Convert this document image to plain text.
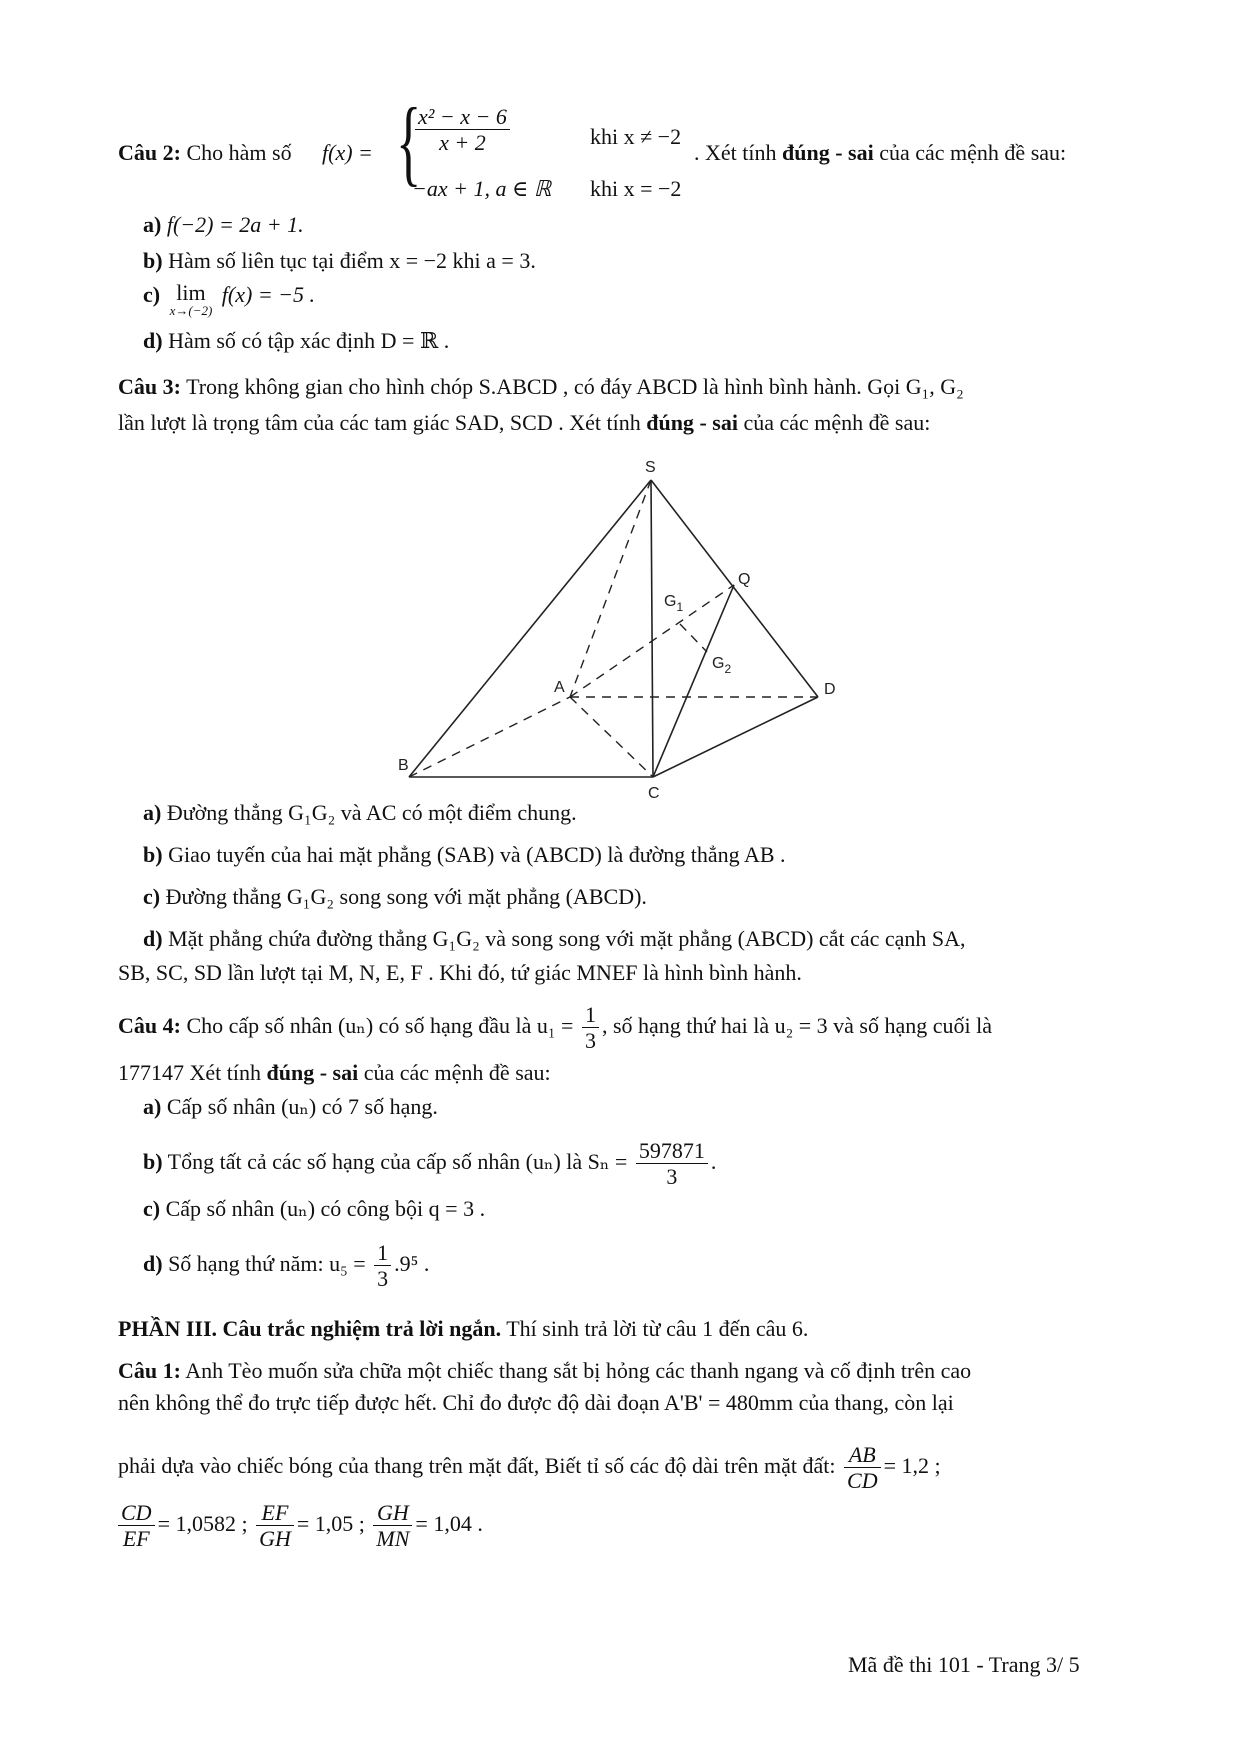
Câu 2: Cho hàm số f(x) = {
$\frac{\text{x² − x − 6}}{x + 2}$	khi x ≠ −2
−ax + 1, a ∈ ℝ khi x = −2
. Xét tính đúng - sai của các mệnh đề sau:
a) f(−2) = 2a + 1.
b) Hàm số liên tục tại điểm x = −2 khi a = 3.
c) lim
x→(−2)
f(x) = −5 .
d) Hàm số có tập xác định D = ℝ .
Câu 3: Trong không gian cho hình chóp S.ABCD , có đáy ABCD là hình bình hành. Gọi G₁, G₂
lần lượt là trọng tâm của các tam giác SAD, SCD . Xét tính đúng - sai của các mệnh đề sau:
S
Q
$G_1$
$G_2$
A	D
B
C
a) Đường thẳng G₁G₂ và AC có một điểm chung.
b) Giao tuyến của hai mặt phẳng (SAB) và (ABCD) là đường thẳng AB .
c) Đường thẳng G₁G₂ song song với mặt phẳng (ABCD).
d) Mặt phẳng chứa đường thẳng G₁G₂ và song song với mặt phẳng (ABCD) cắt các cạnh SA,
SB, SC, SD lần lượt tại M, N, E, F . Khi đó, tứ giác MNEF là hình bình hành.
Câu 4: Cho cấp số nhân (uₙ) có số hạng đầu là $u_1 = \frac{1}{3}$ , số hạng thứ hai là u₂ = 3 và số hạng cuối là
177147 Xét tính đúng - sai của các mệnh đề sau:
a) Cấp số nhân (uₙ) có 7 số hạng.
b) Tổng tất cả các số hạng của cấp số nhân (uₙ) là $S_n = \frac{597871}{3}$ .
c) Cấp số nhân (uₙ) có công bội q = 3 .
d) Số hạng thứ năm: $u_5 = \frac{1}{3} .9^5$ .
PHẦN III. Câu trắc nghiệm trả lời ngắn. Thí sinh trả lời từ câu 1 đến câu 6.
Câu 1: Anh Tèo muốn sửa chữa một chiếc thang sắt bị hỏng các thanh ngang và cố định trên cao
nên không thể đo trực tiếp được hết. Chỉ đo được độ dài đoạn A'B' = 480mm của thang, còn lại
phải dựa vào chiếc bóng của thang trên mặt đất, Biết tỉ số các độ dài trên mặt đất: $\frac{AB}{CD} = 1,2$ ;
$\frac{CD}{EF} = 1,0582$ ; $\frac{EF}{GH} = 1,05$ ; $\frac{GH}{MN} = 1,04$ .
Mã đề thi 101 - Trang 3/ 5
